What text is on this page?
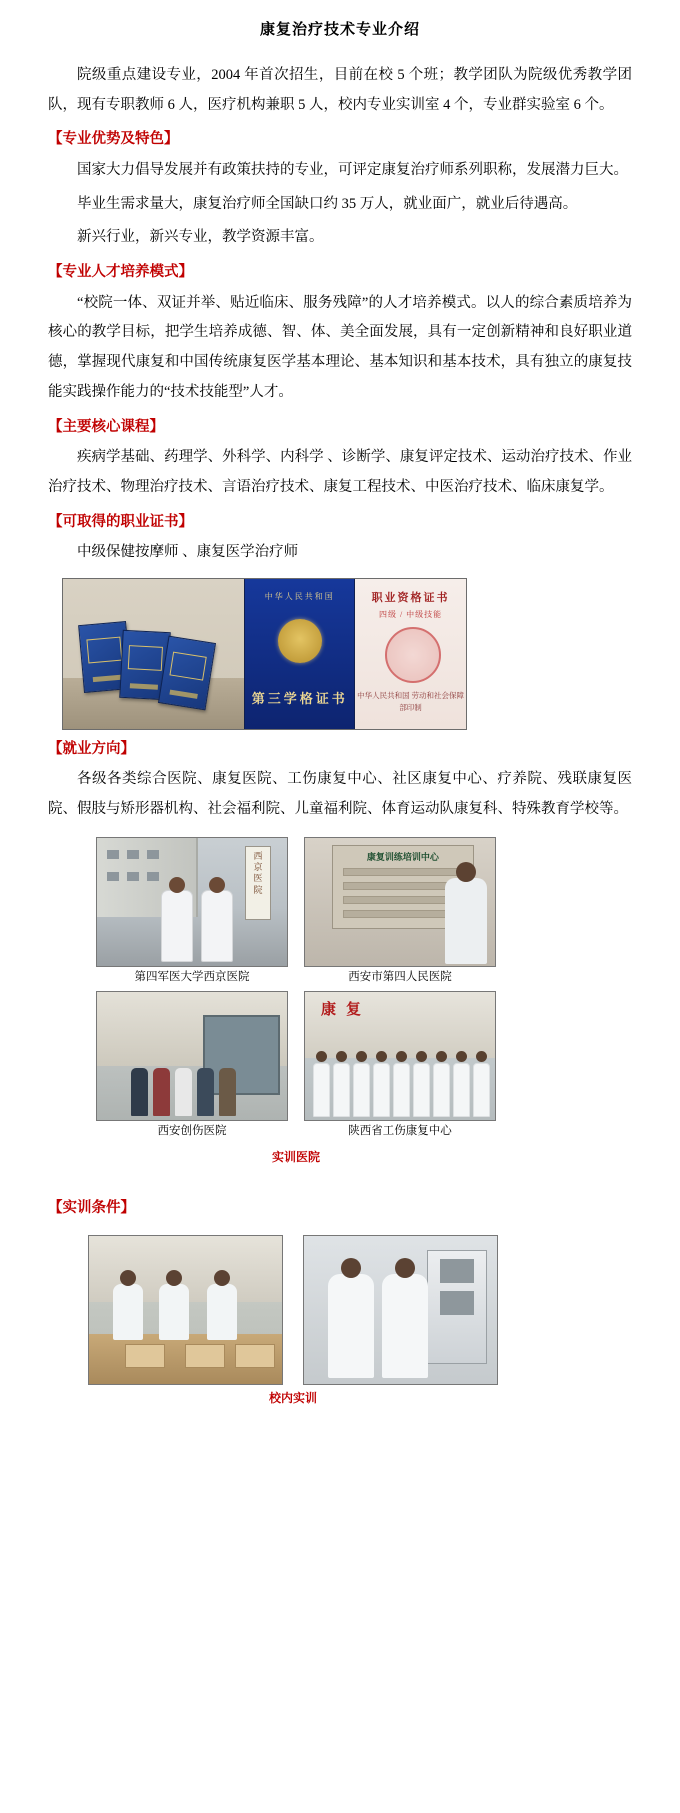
康复治疗技术专业介绍

院级重点建设专业，2004 年首次招生，目前在校 5 个班；教学团队为院级优秀教学团队，现有专职教师 6 人，医疗机构兼职 5 人，校内专业实训室 4 个，专业群实验室 6 个。

【专业优势及特色】

国家大力倡导发展并有政策扶持的专业，可评定康复治疗师系列职称，发展潜力巨大。

毕业生需求量大，康复治疗师全国缺口约 35 万人，就业面广，就业后待遇高。

新兴行业，新兴专业，教学资源丰富。

【专业人才培养模式】

“校院一体、双证并举、贴近临床、服务残障”的人才培养模式。以人的综合素质培养为核心的教学目标，把学生培养成德、智、体、美全面发展，具有一定创新精神和良好职业道德，掌握现代康复和中国传统康复医学基本理论、基本知识和基本技术，具有独立的康复技能实践操作能力的“技术技能型”人才。

【主要核心课程】

疾病学基础、药理学、外科学、内科学 、诊断学、康复评定技术、运动治疗技术、作业治疗技术、物理治疗技术、言语治疗技术、康复工程技术、中医治疗技术、临床康复学。

【可取得的职业证书】

中级保健按摩师 、康复医学治疗师

中华人民共和国
第三学格证书
职业资格证书
四级 / 中级技能
中华人民共和国 劳动和社会保障部印制

【就业方向】

各级各类综合医院、康复医院、工伤康复中心、社区康复中心、疗养院、残联康复医院、假肢与矫形器机构、社会福利院、儿童福利院、体育运动队康复科、特殊教育学校等。

西
京
医
院
第四军医大学西京医院
康复训练培训中心
西安市第四人民医院
西安创伤医院
康复
陕西省工伤康复中心
实训医院

【实训条件】

校内实训
